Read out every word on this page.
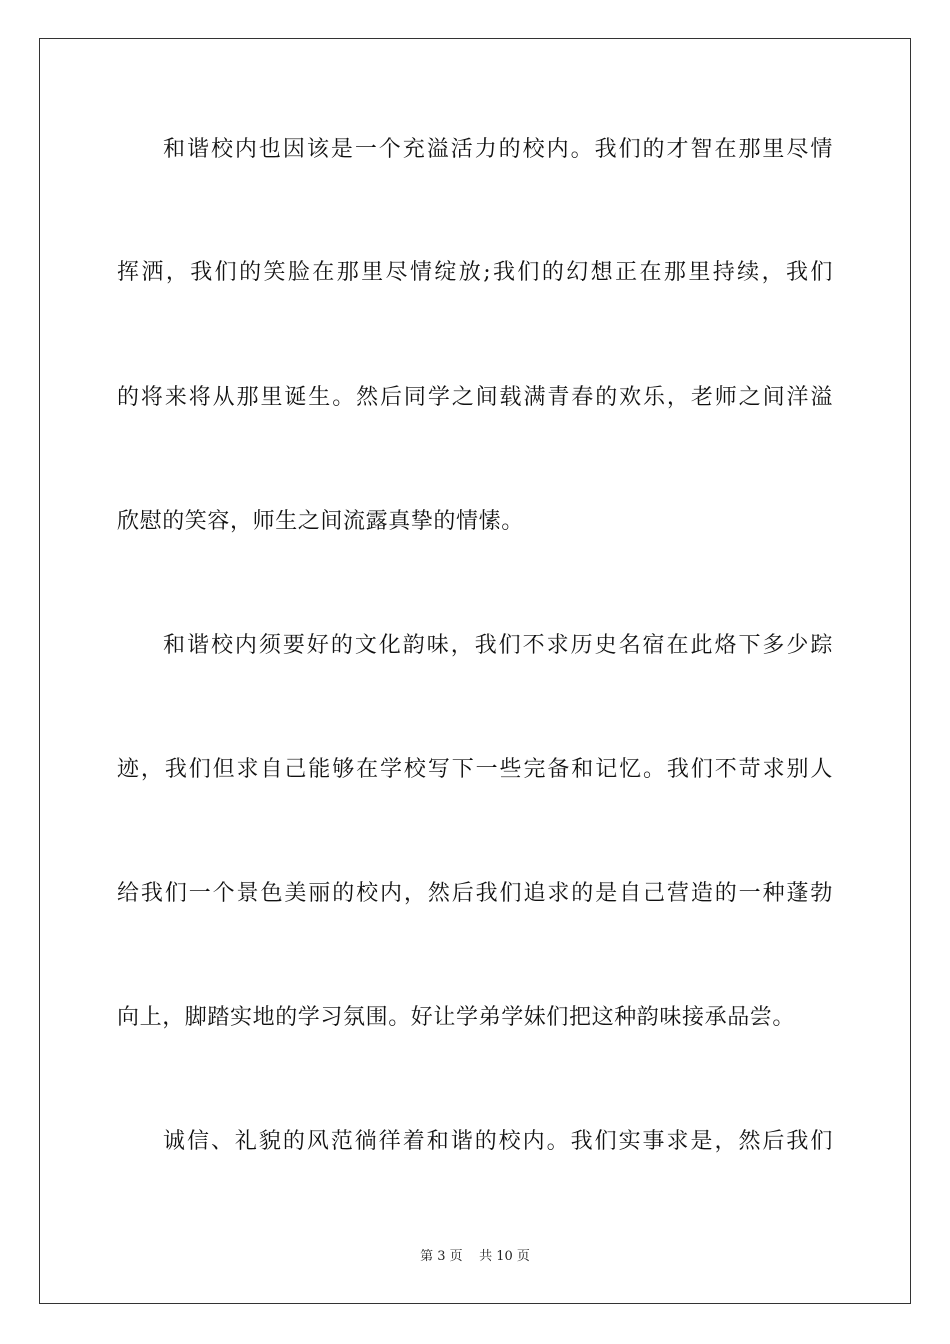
和谐校内也因该是一个充溢活力的校内。我们的才智在那里尽情
挥洒，我们的笑脸在那里尽情绽放;我们的幻想正在那里持续，我们
的将来将从那里诞生。然后同学之间载满青春的欢乐，老师之间洋溢
欣慰的笑容，师生之间流露真挚的情愫。
和谐校内须要好的文化韵味，我们不求历史名宿在此烙下多少踪
迹，我们但求自己能够在学校写下一些完备和记忆。我们不苛求别人
给我们一个景色美丽的校内，然后我们追求的是自己营造的一种蓬勃
向上，脚踏实地的学习氛围。好让学弟学妹们把这种韵味接承品尝。
诚信、礼貌的风范徜徉着和谐的校内。我们实事求是，然后我们
第 3 页    共 10 页
